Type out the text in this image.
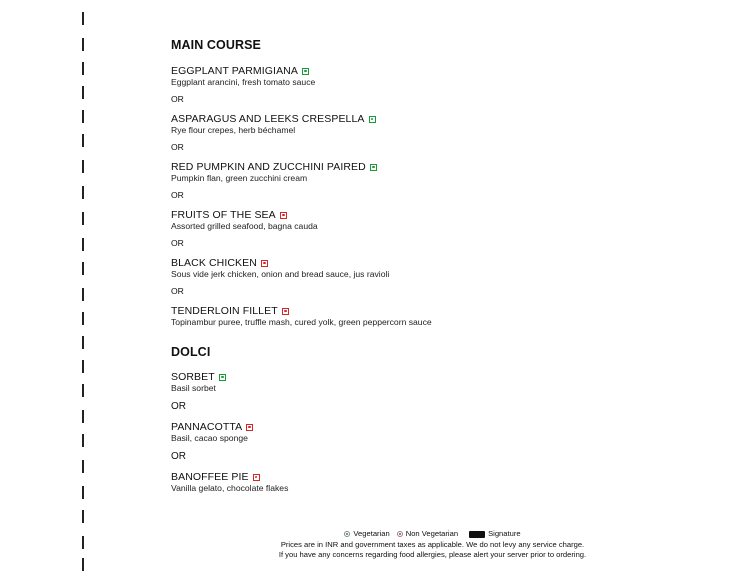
MAIN COURSE
EGGPLANT PARMIGIANA
Eggplant arancini, fresh tomato sauce
OR
ASPARAGUS AND LEEKS CRESPELLA
Rye flour crepes, herb béchamel
OR
RED PUMPKIN AND ZUCCHINI PAIRED
Pumpkin flan, green zucchini cream
OR
FRUITS OF THE SEA
Assorted grilled seafood, bagna cauda
OR
BLACK CHICKEN
Sous vide jerk chicken, onion and bread sauce, jus ravioli
OR
TENDERLOIN FILLET
Topinambur puree, truffle mash, cured yolk, green peppercorn sauce
DOLCI
SORBET
Basil sorbet
OR
PANNACOTTA
Basil, cacao sponge
OR
BANOFFEE PIE
Vanilla gelato, chocolate flakes
Vegetarian Non Vegetarian	Signature
Prices are in INR and government taxes as applicable. We do not levy any service charge.
If you have any concerns regarding food allergies, please alert your server prior to ordering.
